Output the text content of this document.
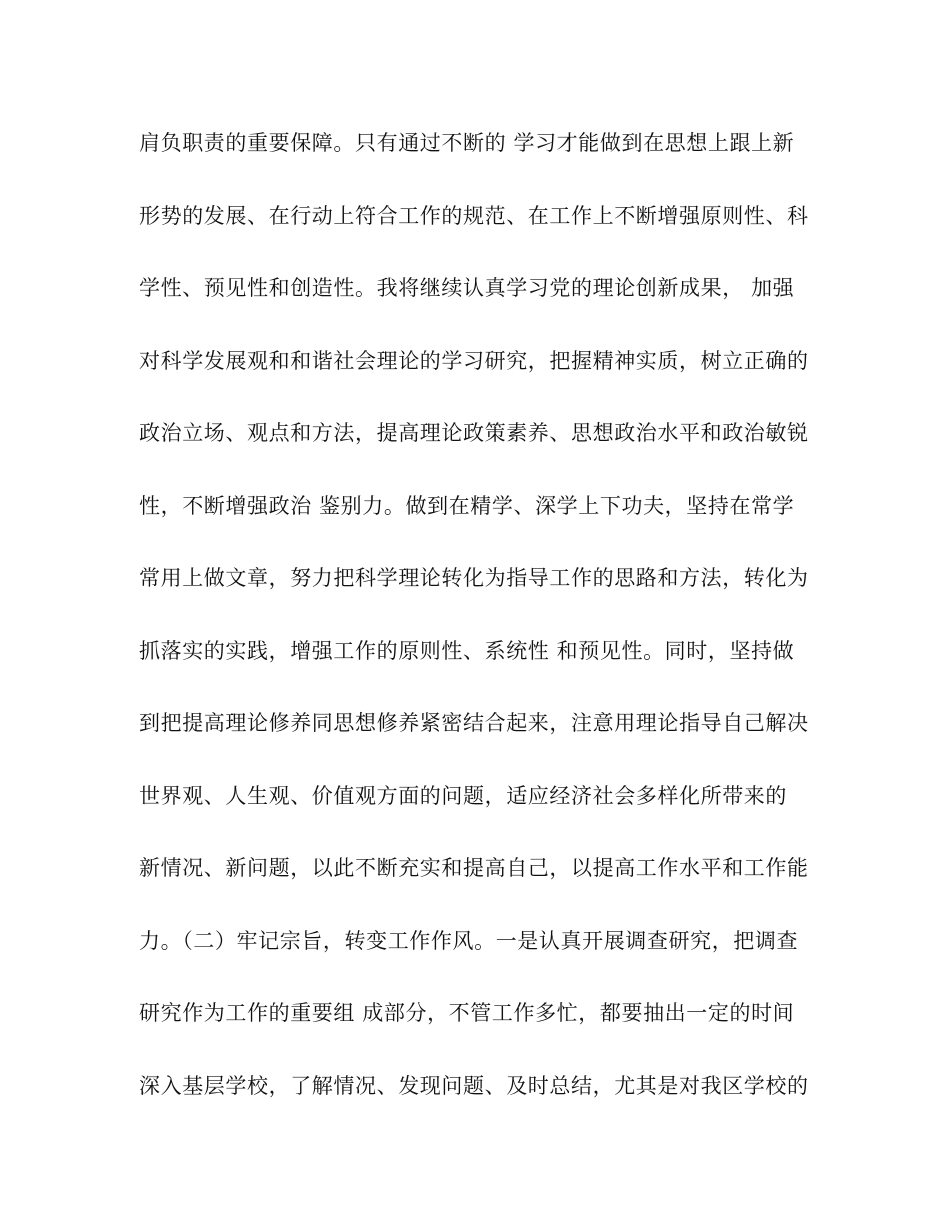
肩负职责的重要保障。只有通过不断的 学习才能做到在思想上跟上新
形势的发展、在行动上符合工作的规范、在工作上不断增强原则性、科
学性、预见性和创造性。我将继续认真学习党的理论创新成果， 加强
对科学发展观和和谐社会理论的学习研究，把握精神实质，树立正确的
政治立场、观点和方法，提高理论政策素养、思想政治水平和政治敏锐
性，不断增强政治 鉴别力。做到在精学、深学上下功夫，坚持在常学
常用上做文章，努力把科学理论转化为指导工作的思路和方法，转化为
抓落实的实践，增强工作的原则性、系统性 和预见性。同时，坚持做
到把提高理论修养同思想修养紧密结合起来，注意用理论指导自己解决
世界观、人生观、价值观方面的问题，适应经济社会多样化所带来的
新情况、新问题，以此不断充实和提高自己，以提高工作水平和工作能
力。（二）牢记宗旨，转变工作作风。一是认真开展调查研究，把调查
研究作为工作的重要组 成部分，不管工作多忙，都要抽出一定的时间
深入基层学校，了解情况、发现问题、及时总结，尤其是对我区学校的
